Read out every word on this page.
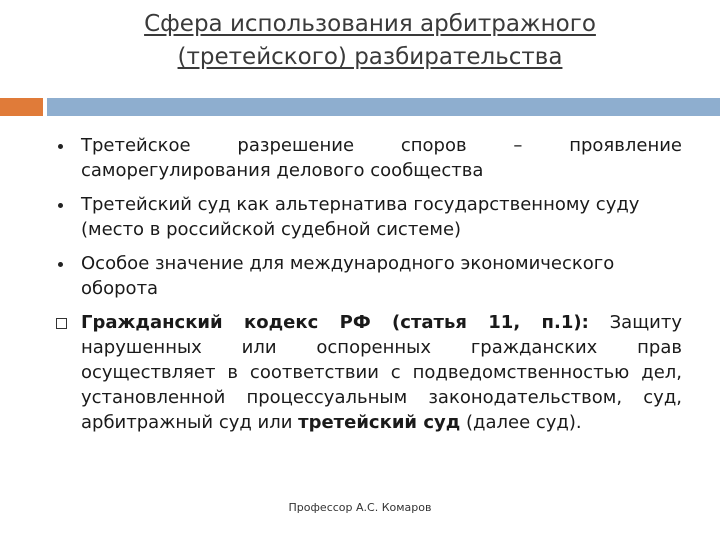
Сфера использования арбитражного
(третейского) разбирательства
Третейское	разрешение	споров	–	проявление
саморегулирования делового сообщества
Третейский суд как альтернатива государственному суду (место в российской судебной системе)
Особое значение для международного экономического оборота
Гражданский кодекс РФ (статья 11, п.1): Защиту нарушенных или оспоренных гражданских прав осуществляет в соответствии с подведомственностью дел, установленной процессуальным законодательством, суд, арбитражный суд или третейский суд (далее суд).
Профессор А.С. Комаров
